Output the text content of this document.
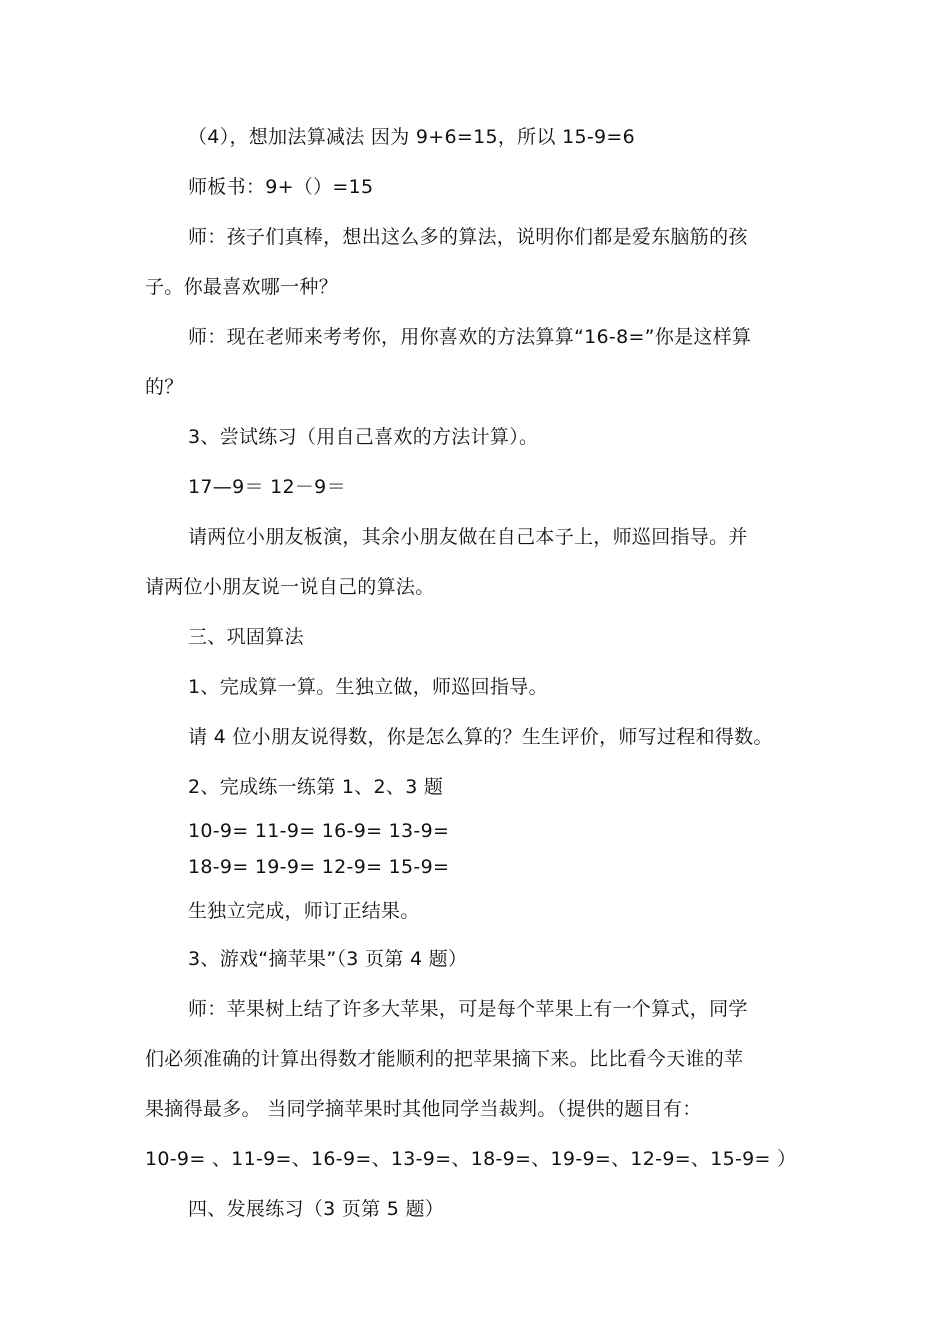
（4），想加法算减法 因为 9+6=15，所以 15-9=6
师板书：9+（）=15
师：孩子们真棒，想出这么多的算法，说明你们都是爱东脑筋的孩
子。你最喜欢哪一种？
师：现在老师来考考你，用你喜欢的方法算算“16-8=”你是这样算
的？
3、尝试练习（用自己喜欢的方法计算）。
17—9＝ 12－9＝
请两位小朋友板演，其余小朋友做在自己本子上，师巡回指导。并
请两位小朋友说一说自己的算法。
三、巩固算法
1、完成算一算。生独立做，师巡回指导。
请 4 位小朋友说得数，你是怎么算的？生生评价，师写过程和得数。
2、完成练一练第 1、2、3 题
10-9= 11-9= 16-9= 13-9=
18-9= 19-9= 12-9= 15-9=
生独立完成，师订正结果。
3、游戏“摘苹果”（3 页第 4 题）
师：苹果树上结了许多大苹果，可是每个苹果上有一个算式，同学
们必须准确的计算出得数才能顺利的把苹果摘下来。比比看今天谁的苹
果摘得最多。 当同学摘苹果时其他同学当裁判。（提供的题目有：
10-9= 、11-9=、16-9=、13-9=、18-9=、19-9=、12-9=、15-9= ）
四、发展练习（3 页第 5 题）
